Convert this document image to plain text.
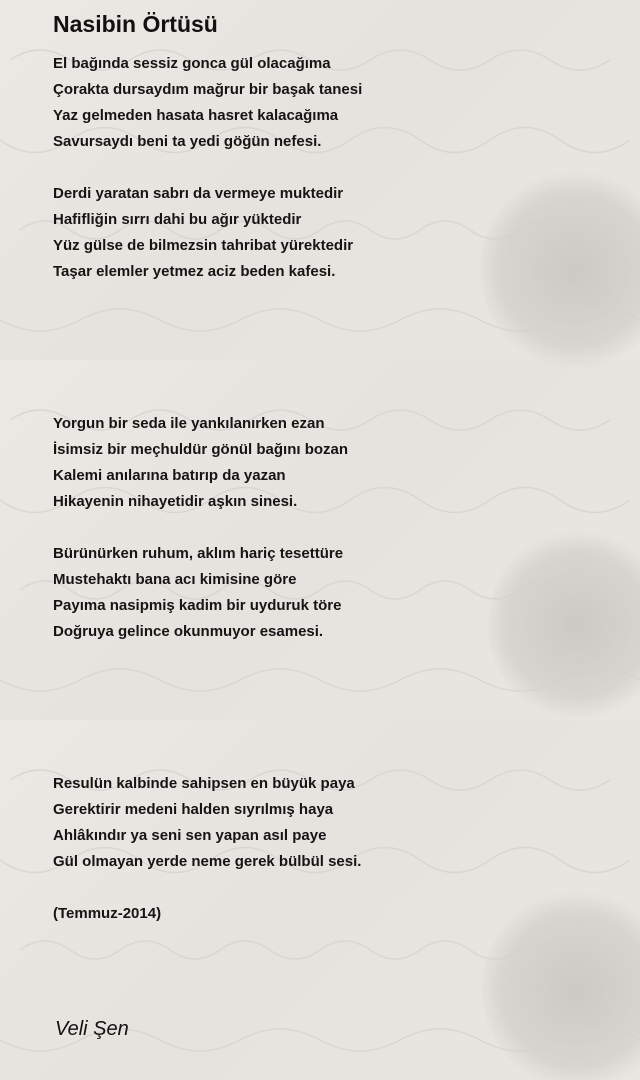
Nasibin Örtüsü
El bağında sessiz gonca gül olacağıma
Çorakta dursaydım mağrur bir başak tanesi
Yaz gelmeden hasata hasret kalacağıma
Savursaydı beni ta yedi göğün nefesi.
Derdi yaratan sabrı da vermeye muktedir
Hafifliğin sırrı dahi bu ağır yüktedir
Yüz gülse de bilmezsin tahribat yürektedir
Taşar elemler yetmez aciz beden kafesi.
Yorgun bir seda ile yankılanırken ezan
İsimsiz bir meçhuldür gönül bağını bozan
Kalemi anılarına batırıp da yazan
Hikayenin nihayetidir aşkın sinesi.
Bürünürken ruhum, aklım hariç tesettüre
Mustehaktı bana acı kimisine göre
Payıma nasipmiş kadim bir uyduruk töre
Doğruya gelince okunmuyor esamesi.
Resulün kalbinde sahipsen en büyük paya
Gerektirir medeni halden sıyrılmış haya
Ahlâkındır ya seni sen yapan asıl paye
Gül olmayan yerde neme gerek bülbül sesi.
(Temmuz-2014)
Veli Şen
